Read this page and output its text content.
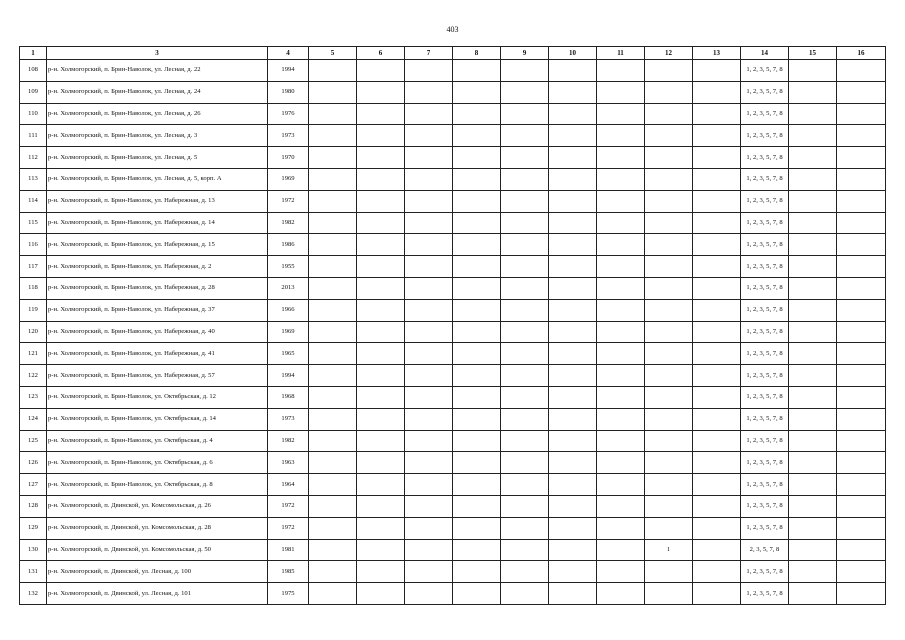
403
1	3	4	5	6	7	8	9	10	11	12	13	14	15	16
108	р-н. Холмогорский, п. Брин-Наволок, ул. Лесная, д. 22	1994										1, 2, 3, 5, 7, 8		
109	р-н. Холмогорский, п. Брин-Наволок, ул. Лесная, д. 24	1980										1, 2, 3, 5, 7, 8		
110	р-н. Холмогорский, п. Брин-Наволок, ул. Лесная, д. 26	1976										1, 2, 3, 5, 7, 8		
111	р-н. Холмогорский, п. Брин-Наволок, ул. Лесная, д. 3	1973										1, 2, 3, 5, 7, 8		
112	р-н. Холмогорский, п. Брин-Наволок, ул. Лесная, д. 5	1970										1, 2, 3, 5, 7, 8		
113	р-н. Холмогорский, п. Брин-Наволок, ул. Лесная, д. 5, корп. А	1969										1, 2, 3, 5, 7, 8		
114	р-н. Холмогорский, п. Брин-Наволок, ул. Набережная, д. 13	1972										1, 2, 3, 5, 7, 8		
115	р-н. Холмогорский, п. Брин-Наволок, ул. Набережная, д. 14	1982										1, 2, 3, 5, 7, 8		
116	р-н. Холмогорский, п. Брин-Наволок, ул. Набережная, д. 15	1986										1, 2, 3, 5, 7, 8		
117	р-н. Холмогорский, п. Брин-Наволок, ул. Набережная, д. 2	1955										1, 2, 3, 5, 7, 8		
118	р-н. Холмогорский, п. Брин-Наволок, ул. Набережная, д. 28	2013										1, 2, 3, 5, 7, 8		
119	р-н. Холмогорский, п. Брин-Наволок, ул. Набережная, д. 37	1966										1, 2, 3, 5, 7, 8		
120	р-н. Холмогорский, п. Брин-Наволок, ул. Набережная, д. 40	1969										1, 2, 3, 5, 7, 8		
121	р-н. Холмогорский, п. Брин-Наволок, ул. Набережная, д. 41	1965										1, 2, 3, 5, 7, 8		
122	р-н. Холмогорский, п. Брин-Наволок, ул. Набережная, д. 57	1994										1, 2, 3, 5, 7, 8		
123	р-н. Холмогорский, п. Брин-Наволок, ул. Октябрьская, д. 12	1968										1, 2, 3, 5, 7, 8		
124	р-н. Холмогорский, п. Брин-Наволок, ул. Октябрьская, д. 14	1973										1, 2, 3, 5, 7, 8		
125	р-н. Холмогорский, п. Брин-Наволок, ул. Октябрьская, д. 4	1982										1, 2, 3, 5, 7, 8		
126	р-н. Холмогорский, п. Брин-Наволок, ул. Октябрьская, д. 6	1963										1, 2, 3, 5, 7, 8		
127	р-н. Холмогорский, п. Брин-Наволок, ул. Октябрьская, д. 8	1964										1, 2, 3, 5, 7, 8		
128	р-н. Холмогорский, п. Двинской, ул. Комсомольская, д. 26	1972										1, 2, 3, 5, 7, 8		
129	р-н. Холмогорский, п. Двинской, ул. Комсомольская, д. 28	1972										1, 2, 3, 5, 7, 8		
130	р-н. Холмогорский, п. Двинской, ул. Комсомольская, д. 50	1981								1		2, 3, 5, 7, 8		
131	р-н. Холмогорский, п. Двинской, ул. Лесная, д. 100	1985										1, 2, 3, 5, 7, 8		
132	р-н. Холмогорский, п. Двинской, ул. Лесная, д. 101	1975										1, 2, 3, 5, 7, 8		
